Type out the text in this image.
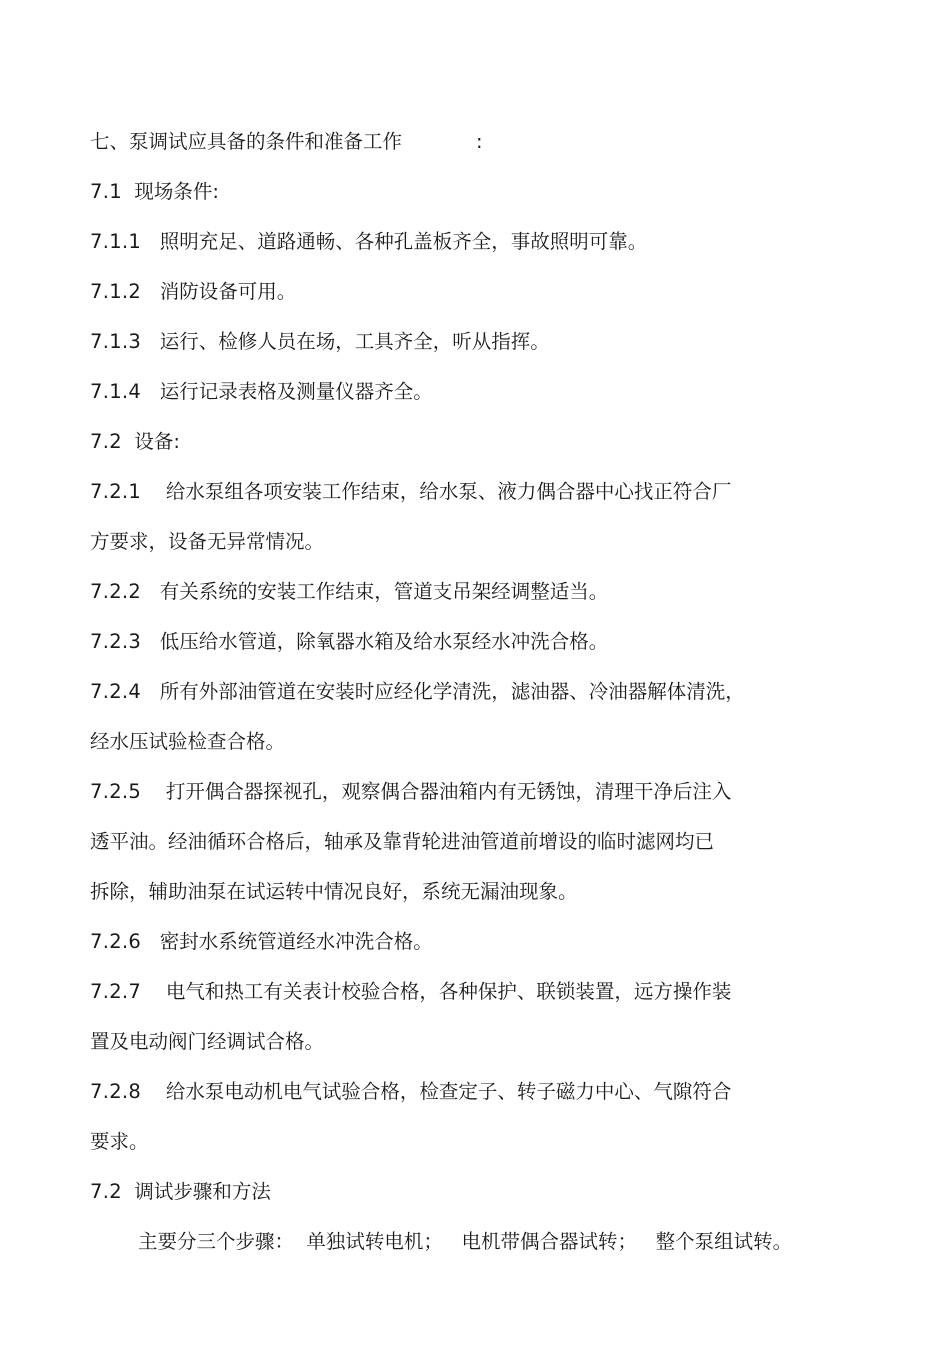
七、泵调试应具备的条件和准备工作	:

7.1 现场条件:

7.1.1 照明充足、道路通畅、各种孔盖板齐全，事故照明可靠。

7.1.2 消防设备可用。

7.1.3 运行、检修人员在场，工具齐全，听从指挥。

7.1.4 运行记录表格及测量仪器齐全。

7.2 设备:

7.2.1 给水泵组各项安装工作结束，给水泵、液力偶合器中心找正符合厂

方要求，设备无异常情况。

7.2.2 有关系统的安装工作结束，管道支吊架经调整适当。

7.2.3 低压给水管道，除氧器水箱及给水泵经水冲洗合格。

7.2.4 所有外部油管道在安装时应经化学清洗，滤油器、冷油器解体清洗，

经水压试验检查合格。

7.2.5 打开偶合器探视孔，观察偶合器油箱内有无锈蚀，清理干净后注入

透平油。经油循环合格后，轴承及靠背轮进油管道前增设的临时滤网均已

拆除，辅助油泵在试运转中情况良好，系统无漏油现象。

7.2.6 密封水系统管道经水冲洗合格。

7.2.7 电气和热工有关表计校验合格，各种保护、联锁装置，远方操作装

置及电动阀门经调试合格。

7.2.8 给水泵电动机电气试验合格，检查定子、转子磁力中心、气隙符合

要求。

7.2 调试步骤和方法

主要分三个步骤： 单独试转电机； 电机带偶合器试转； 整个泵组试转。
